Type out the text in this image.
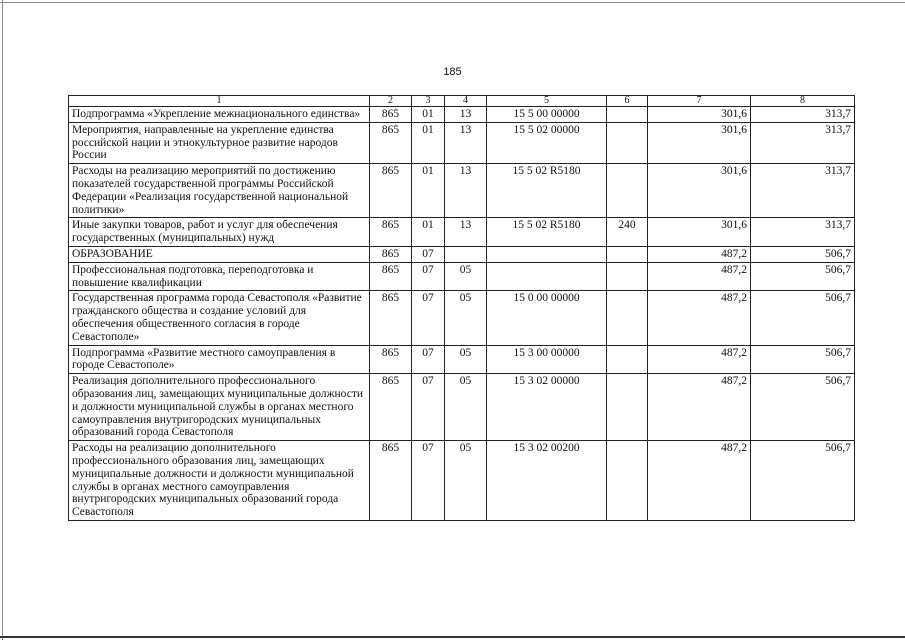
185
1	2	3	4	5	6	7	8
Подпрограмма «Укрепление межнационального единства»	865	01	13	15 5 00 00000		301,6	313,7
Мероприятия, направленные на укрепление единства российской нации и этнокультурное развитие народов России	865	01	13	15 5 02 00000		301,6	313,7
Расходы на реализацию мероприятий по достижению показателей государственной программы Российской Федерации «Реализация государственной национальной политики»	865	01	13	15 5 02 R5180		301,6	313,7
Иные закупки товаров, работ и услуг для обеспечения государственных (муниципальных) нужд	865	01	13	15 5 02 R5180	240	301,6	313,7
ОБРАЗОВАНИЕ	865	07				487,2	506,7
Профессиональная подготовка, переподготовка и повышение квалификации	865	07	05			487,2	506,7
Государственная программа города Севастополя «Развитие гражданского общества и создание условий для обеспечения общественного согласия в городе Севастополе»	865	07	05	15 0 00 00000		487,2	506,7
Подпрограмма «Развитие местного самоуправления в городе Севастополе»	865	07	05	15 3 00 00000		487,2	506,7
Реализация дополнительного профессионального образования лиц, замещающих муниципальные должности и должности муниципальной службы в органах местного самоуправления внутригородских муниципальных образований города Севастополя	865	07	05	15 3 02 00000		487,2	506,7
Расходы на реализацию дополнительного профессионального образования лиц, замещающих муниципальные должности и должности муниципальной службы в органах местного самоуправления внутригородских муниципальных образований города Севастополя	865	07	05	15 3 02 00200		487,2	506,7
